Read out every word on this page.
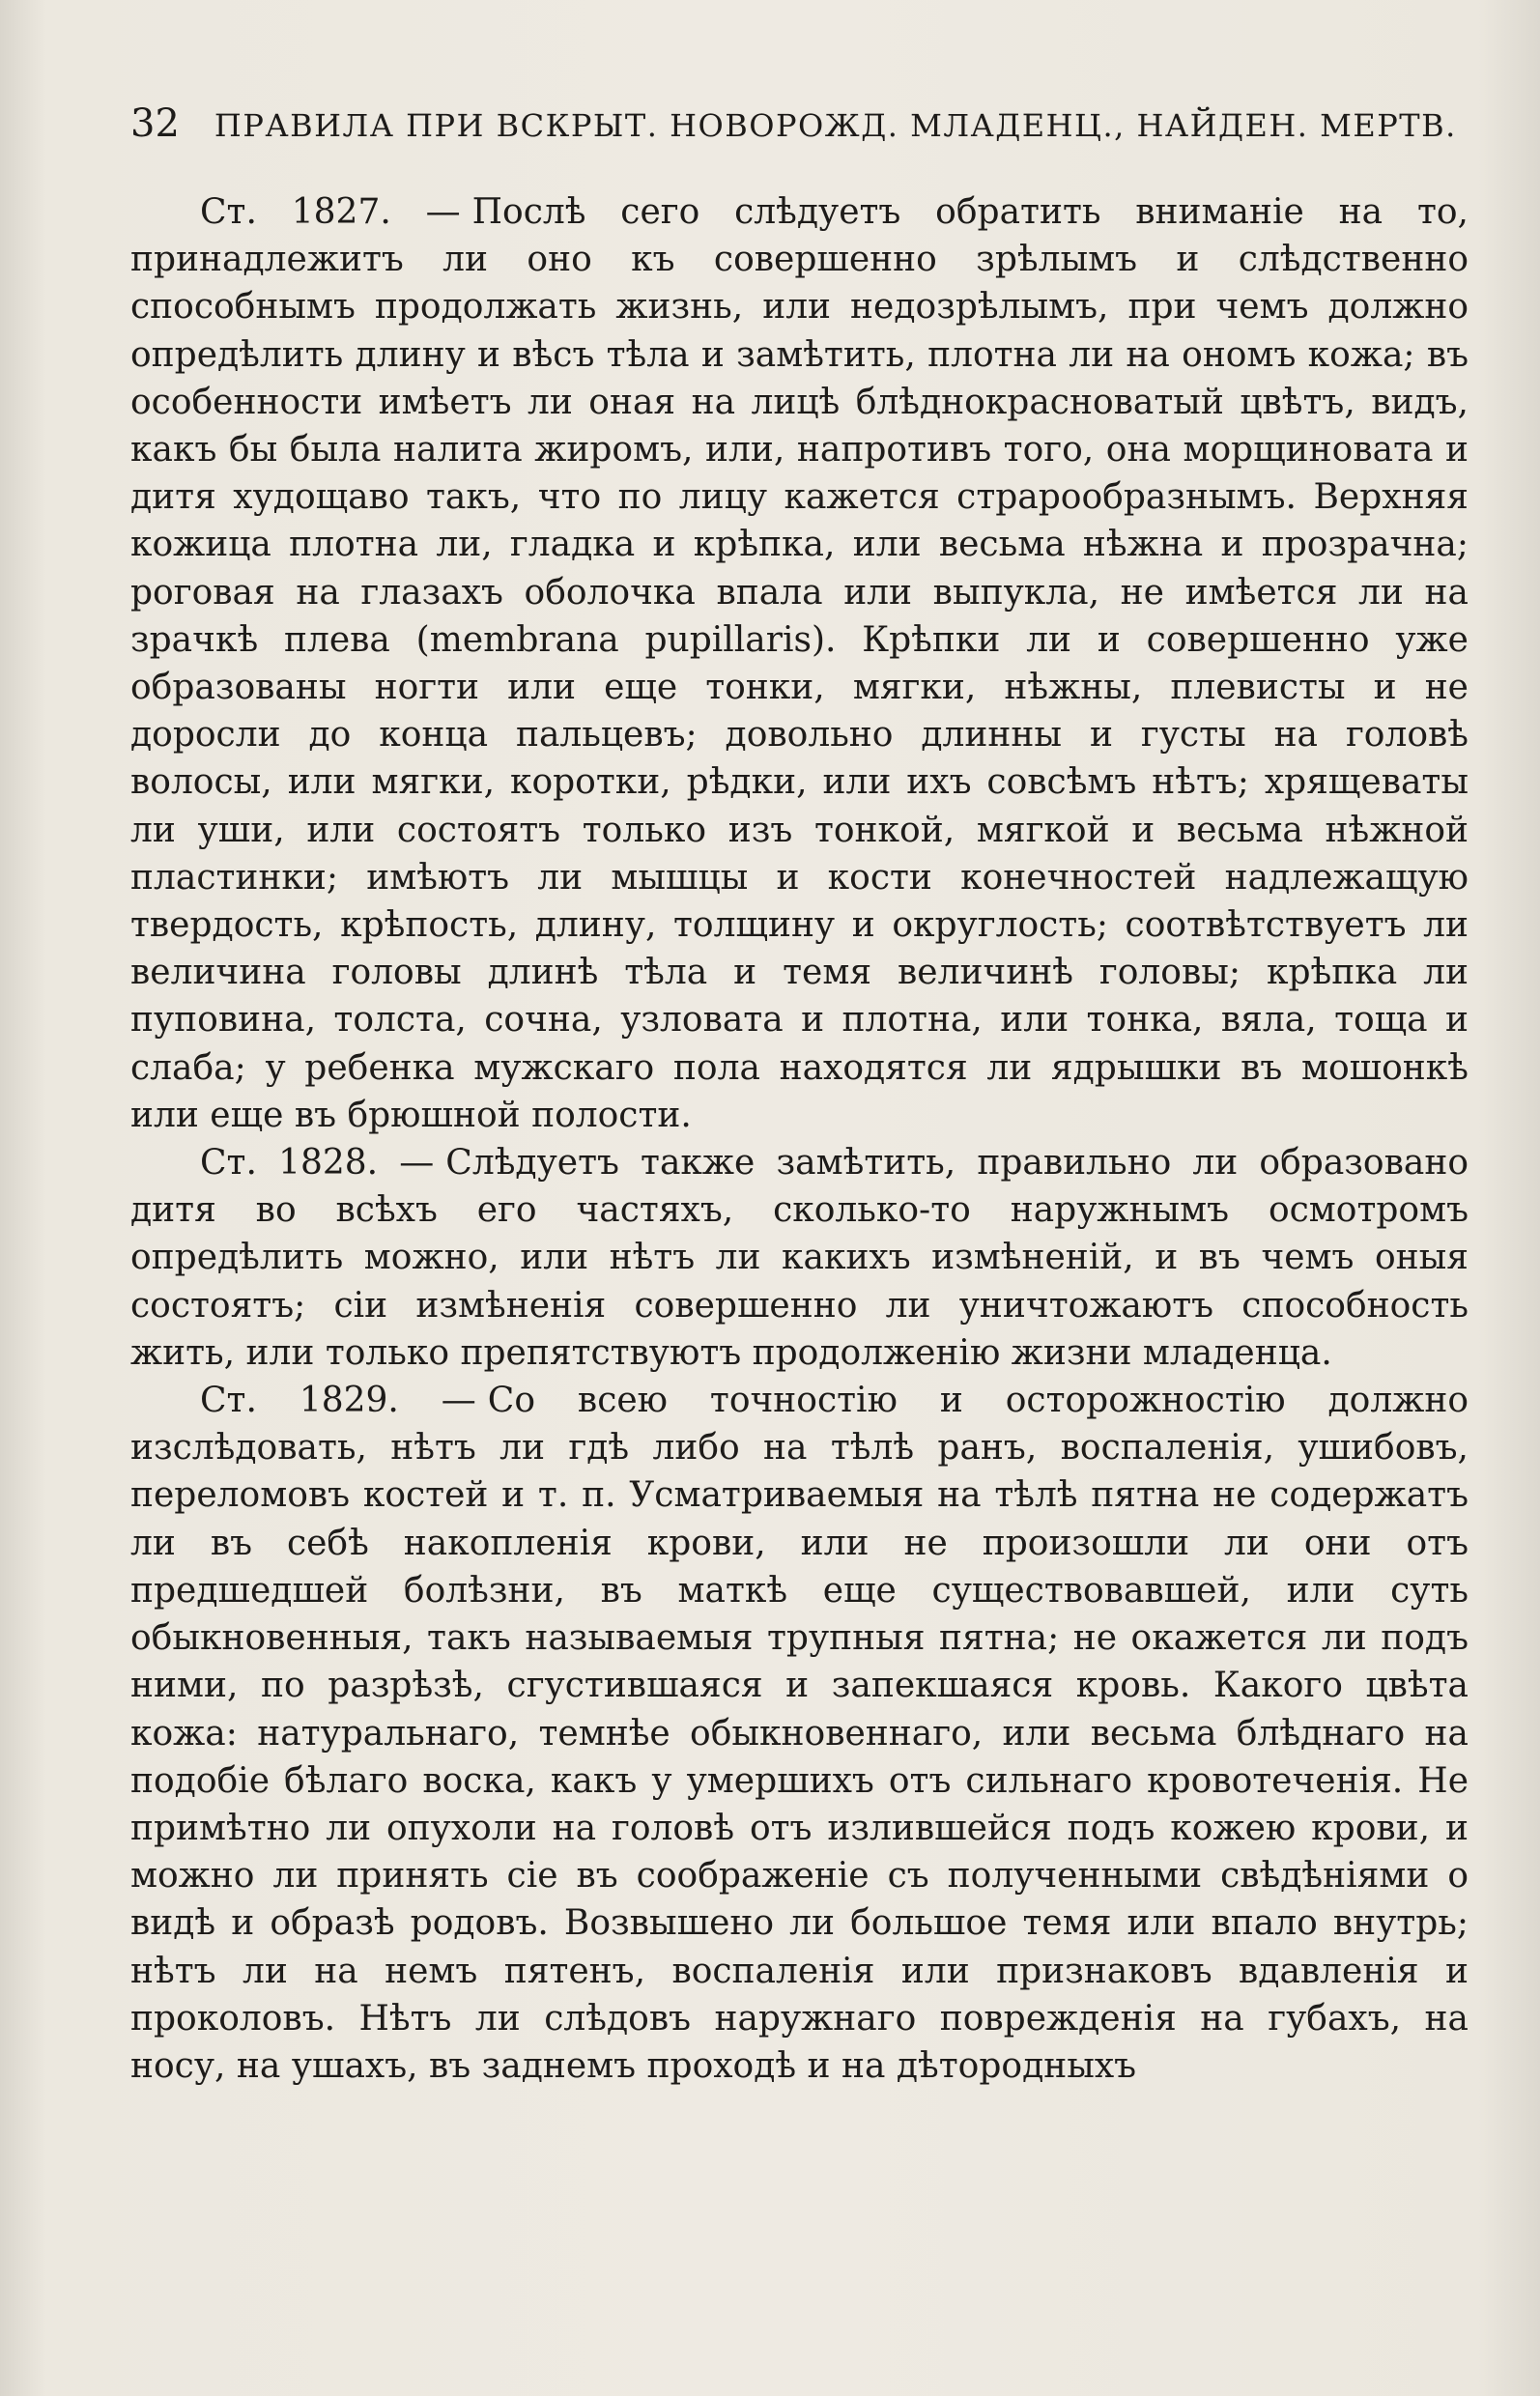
32 ПРАВИЛА ПРИ ВСКРЫТ. НОВОРОЖД. МЛАДЕНЦ., НАЙДЕН. МЕРТВ.

Ст. 1827. — Послѣ сего слѣдуетъ обратить вниманіе на то, принадлежитъ ли оно къ совершенно зрѣлымъ и слѣдственно способнымъ продолжать жизнь, или недозрѣлымъ, при чемъ должно опредѣлить длину и вѣсъ тѣла и замѣтить, плотна ли на ономъ кожа; въ особенности имѣетъ ли оная на лицѣ блѣднокрасноватый цвѣтъ, видъ, какъ бы была налита жиромъ, или, напротивъ того, она морщиновата и дитя худощаво такъ, что по лицу кажется страрообразнымъ. Верхняя кожица плотна ли, гладка и крѣпка, или весьма нѣжна и прозрачна; роговая на глазахъ оболочка впала или выпукла, не имѣется ли на зрачкѣ плева (membrana pupillaris). Крѣпки ли и совершенно уже образованы ногти или еще тонки, мягки, нѣжны, плевисты и не доросли до конца пальцевъ; довольно длинны и густы на головѣ волосы, или мягки, коротки, рѣдки, или ихъ совсѣмъ нѣтъ; хрящеваты ли уши, или состоятъ только изъ тонкой, мягкой и весьма нѣжной пластинки; имѣютъ ли мышцы и кости конечностей надлежащую твердость, крѣпость, длину, толщину и округлость; соотвѣтствуетъ ли величина головы длинѣ тѣла и темя величинѣ головы; крѣпка ли пуповина, толста, сочна, узловата и плотна, или тонка, вяла, тоща и слаба; у ребенка мужскаго пола находятся ли ядрышки въ мошонкѣ или еще въ брюшной полости.

Ст. 1828. — Слѣдуетъ также замѣтить, правильно ли образовано дитя во всѣхъ его частяхъ, сколько-то наружнымъ осмотромъ опредѣлить можно, или нѣтъ ли какихъ измѣненій, и въ чемъ оныя состоятъ; сіи измѣненія совершенно ли уничтожаютъ способность жить, или только препятствуютъ продолженію жизни младенца.

Ст. 1829. — Со всею точностію и осторожностію должно изслѣдовать, нѣтъ ли гдѣ либо на тѣлѣ ранъ, воспаленія, ушибовъ, переломовъ костей и т. п. Усматриваемыя на тѣлѣ пятна не содержатъ ли въ себѣ накопленія крови, или не произошли ли они отъ предшедшей болѣзни, въ маткѣ еще существовавшей, или суть обыкновенныя, такъ называемыя трупныя пятна; не окажется ли подъ ними, по разрѣзѣ, сгустившаяся и запекшаяся кровь. Какого цвѣта кожа: натуральнаго, темнѣе обыкновеннаго, или весьма блѣднаго на подобіе бѣлаго воска, какъ у умершихъ отъ сильнаго кровотеченія. Не примѣтно ли опухоли на головѣ отъ излившейся подъ кожею крови, и можно ли принять сіе въ соображеніе съ полученными свѣдѣніями о видѣ и образѣ родовъ. Возвышено ли большое темя или впало внутрь; нѣтъ ли на немъ пятенъ, воспаленія или признаковъ вдавленія и проколовъ. Нѣтъ ли слѣдовъ наружнаго поврежденія на губахъ, на носу, на ушахъ, въ заднемъ проходѣ и на дѣтородныхъ
